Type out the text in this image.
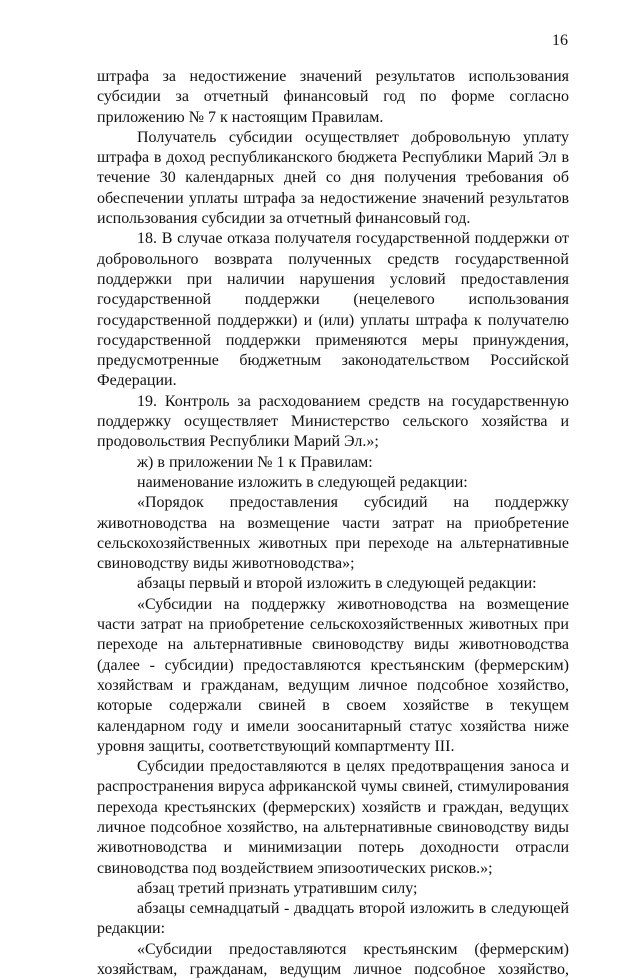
16

штрафа за недостижение значений результатов использования субсидии за отчетный финансовый год по форме согласно приложению № 7 к настоящим Правилам.

Получатель субсидии осуществляет добровольную уплату штрафа в доход республиканского бюджета Республики Марий Эл в течение 30 календарных дней со дня получения требования об обеспечении уплаты штрафа за недостижение значений результатов использования субсидии за отчетный финансовый год.

18. В случае отказа получателя государственной поддержки от добровольного возврата полученных средств государственной поддержки при наличии нарушения условий предоставления государственной поддержки (нецелевого использования государственной поддержки) и (или) уплаты штрафа к получателю государственной поддержки применяются меры принуждения, предусмотренные бюджетным законодательством Российской Федерации.

19. Контроль за расходованием средств на государственную поддержку осуществляет Министерство сельского хозяйства и продовольствия Республики Марий Эл.»;

ж) в приложении № 1 к Правилам:

наименование изложить в следующей редакции:

«Порядок предоставления субсидий на поддержку животноводства на возмещение части затрат на приобретение сельскохозяйственных животных при переходе на альтернативные свиноводству виды животноводства»;

абзацы первый и второй изложить в следующей редакции:

«Субсидии на поддержку животноводства на возмещение части затрат на приобретение сельскохозяйственных животных при переходе на альтернативные свиноводству виды животноводства (далее - субсидии) предоставляются крестьянским (фермерским) хозяйствам и гражданам, ведущим личное подсобное хозяйство, которые содержали свиней в своем хозяйстве в текущем календарном году и имели зоосанитарный статус хозяйства ниже уровня защиты, соответствующий компартменту III.

Субсидии предоставляются в целях предотвращения заноса и распространения вируса африканской чумы свиней, стимулирования перехода крестьянских (фермерских) хозяйств и граждан, ведущих личное подсобное хозяйство, на альтернативные свиноводству виды животноводства и минимизации потерь доходности отрасли свиноводства под воздействием эпизоотических рисков.»;

абзац третий признать утратившим силу;

абзацы семнадцатый - двадцать второй изложить в следующей редакции:

«Субсидии предоставляются крестьянским (фермерским) хозяйствам, гражданам, ведущим личное подсобное хозяйство,
